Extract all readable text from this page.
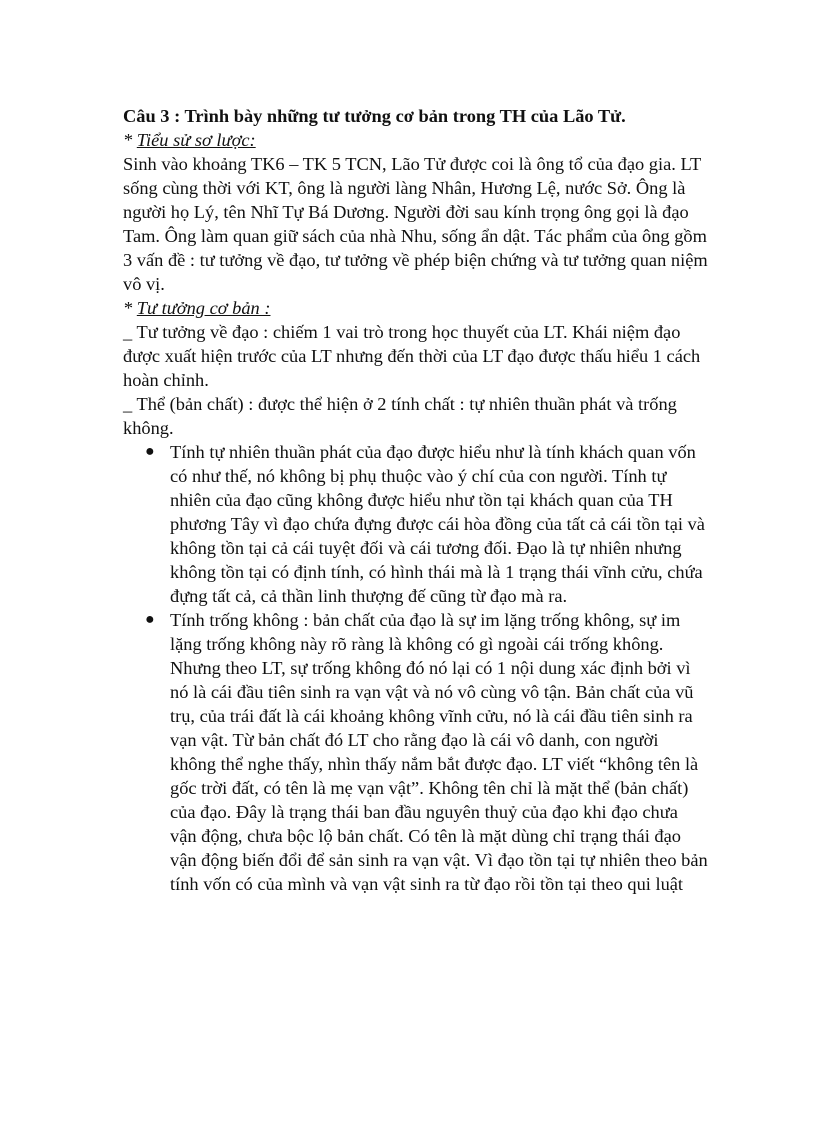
Câu 3 : Trình bày những tư tưởng cơ bản trong TH của Lão Tử.

* Tiểu sử sơ lược:

Sinh vào khoảng TK6 – TK 5 TCN, Lão Tử được coi là ông tổ của đạo gia. LT sống cùng thời với KT, ông là người làng Nhân, Hương Lệ, nước Sở. Ông là người họ Lý, tên Nhĩ Tự Bá Dương. Người đời sau kính trọng ông gọi là đạo Tam. Ông làm quan giữ sách của nhà Nhu, sống ẩn dật. Tác phẩm của ông gồm 3 vấn đề : tư tưởng về đạo, tư tưởng về phép biện chứng và tư tưởng quan niệm vô vị.

* Tư tưởng cơ bản :

_ Tư tưởng về đạo : chiếm 1 vai trò trong học thuyết của LT. Khái niệm đạo được xuất hiện trước của LT nhưng đến thời của LT đạo được thấu hiểu 1 cách hoàn chỉnh.

_ Thể (bản chất) : được thể hiện ở 2 tính chất : tự nhiên thuần phát và trống không.

● Tính tự nhiên thuần phát của đạo được hiểu như là tính khách quan vốn có như thế, nó không bị phụ thuộc vào ý chí của con người. Tính tự nhiên của đạo cũng không được hiểu như tồn tại khách quan của TH phương Tây vì đạo chứa đựng được cái hòa đồng của tất cả cái tồn tại và không tồn tại cả cái tuyệt đối và cái tương đối. Đạo là tự nhiên nhưng không tồn tại có định tính, có hình thái mà là 1 trạng thái vĩnh cửu, chứa đựng tất cả, cả thần linh thượng đế cũng từ đạo mà ra.
● Tính trống không : bản chất của đạo là sự im lặng trống không, sự im lặng trống không này rõ ràng là không có gì ngoài cái trống không. Nhưng theo LT, sự trống không đó nó lại có 1 nội dung xác định bởi vì nó là cái đầu tiên sinh ra vạn vật và nó vô cùng vô tận. Bản chất của vũ trụ, của trái đất là cái khoảng không vĩnh cửu, nó là cái đầu tiên sinh ra vạn vật. Từ bản chất đó LT cho rằng đạo là cái vô danh, con người không thể nghe thấy, nhìn thấy nắm bắt được đạo. LT viết “không tên là gốc trời đất, có tên là mẹ vạn vật”. Không tên chỉ là mặt thể (bản chất) của đạo. Đây là trạng thái ban đầu nguyên thuỷ của đạo khi đạo chưa vận động, chưa bộc lộ bản chất. Có tên là mặt dùng chỉ trạng thái đạo vận động biến đổi để sản sinh ra vạn vật. Vì đạo tồn tại tự nhiên theo bản tính vốn có của mình và vạn vật sinh ra từ đạo rồi tồn tại theo qui luật
